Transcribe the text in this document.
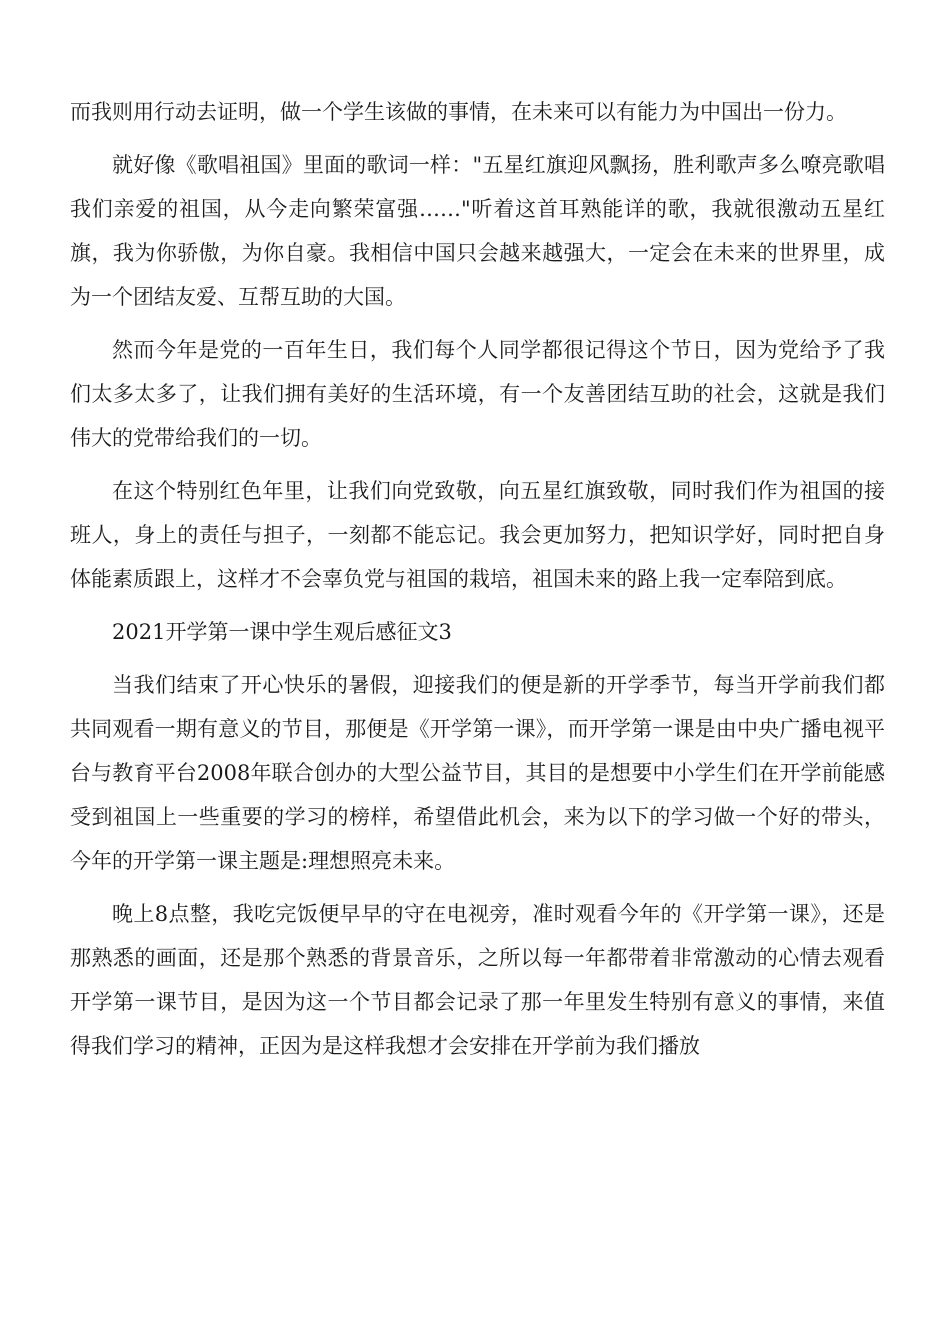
而我则用行动去证明，做一个学生该做的事情，在未来可以有能力为中国出一份力。

就好像《歌唱祖国》里面的歌词一样："五星红旗迎风飘扬，胜利歌声多么嘹亮歌唱我们亲爱的祖国，从今走向繁荣富强……"听着这首耳熟能详的歌，我就很激动五星红旗，我为你骄傲，为你自豪。我相信中国只会越来越强大，一定会在未来的世界里，成为一个团结友爱、互帮互助的大国。

然而今年是党的一百年生日，我们每个人同学都很记得这个节日，因为党给予了我们太多太多了，让我们拥有美好的生活环境，有一个友善团结互助的社会，这就是我们伟大的党带给我们的一切。

在这个特别红色年里，让我们向党致敬，向五星红旗致敬，同时我们作为祖国的接班人，身上的责任与担子，一刻都不能忘记。我会更加努力，把知识学好，同时把自身体能素质跟上，这样才不会辜负党与祖国的栽培，祖国未来的路上我一定奉陪到底。

2021开学第一课中学生观后感征文3

当我们结束了开心快乐的暑假，迎接我们的便是新的开学季节，每当开学前我们都共同观看一期有意义的节目，那便是《开学第一课》，而开学第一课是由中央广播电视平台与教育平台2008年联合创办的大型公益节目，其目的是想要中小学生们在开学前能感受到祖国上一些重要的学习的榜样，希望借此机会，来为以下的学习做一个好的带头，今年的开学第一课主题是:理想照亮未来。

晚上8点整，我吃完饭便早早的守在电视旁，准时观看今年的《开学第一课》，还是那熟悉的画面，还是那个熟悉的背景音乐，之所以每一年都带着非常激动的心情去观看开学第一课节目，是因为这一个节目都会记录了那一年里发生特别有意义的事情，来值得我们学习的精神，正因为是这样我想才会安排在开学前为我们播放
